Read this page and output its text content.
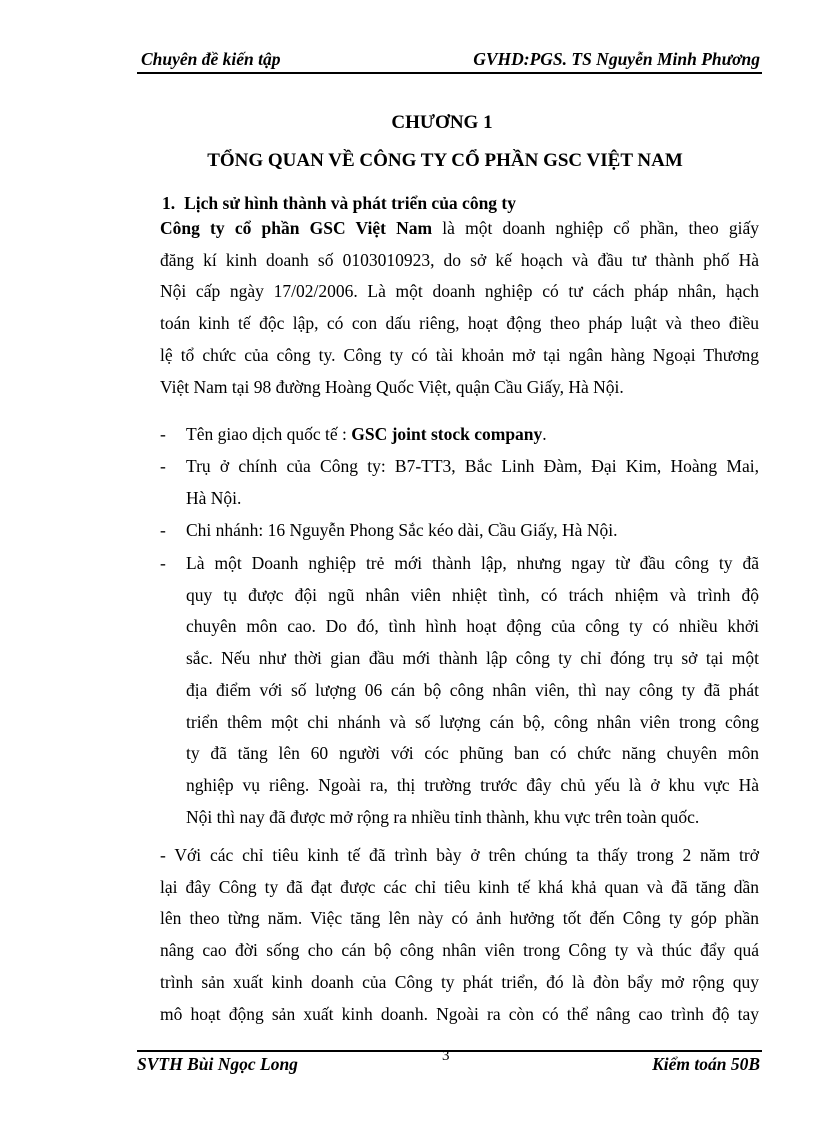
Chuyên đề kiến tập	GVHD:PGS. TS Nguyễn Minh Phương
CHƯƠNG 1
TỔNG QUAN VỀ CÔNG TY CỔ PHẦN GSC VIỆT NAM
1. Lịch sử hình thành và phát triển của công ty
Công ty cổ phần GSC Việt Nam là một doanh nghiệp cổ phần, theo giấy
đăng kí kinh doanh số 0103010923, do sở kế hoạch và đầu tư thành phố Hà
Nội cấp ngày 17/02/2006. Là một doanh nghiệp có tư cách pháp nhân, hạch
toán kinh tế độc lập, có con dấu riêng, hoạt động theo pháp luật và theo điều
lệ tổ chức của công ty. Công ty có tài khoản mở tại ngân hàng Ngoại Thương
Việt Nam tại 98 đường Hoàng Quốc Việt, quận Cầu Giấy, Hà Nội.
- Tên giao dịch quốc tế : GSC joint stock company.
- Trụ ở chính của Công ty: B7-TT3, Bắc Linh Đàm, Đại Kim, Hoàng Mai,
Hà Nội.
- Chi nhánh: 16 Nguyễn Phong Sắc kéo dài, Cầu Giấy, Hà Nội.
- Là một Doanh nghiệp trẻ mới thành lập, nhưng ngay từ đầu công ty đã
quy tụ được đội ngũ nhân viên nhiệt tình, có trách nhiệm và trình độ
chuyên môn cao. Do đó, tình hình hoạt động của công ty có nhiều khởi
sắc. Nếu như thời gian đầu mới thành lập công ty chỉ đóng trụ sở tại một
địa điểm với số lượng 06 cán bộ công nhân viên, thì nay công ty đã phát
triển thêm một chi nhánh và số lượng cán bộ, công nhân viên trong công
ty đã tăng lên 60 người với cóc phũng ban có chức năng chuyên môn
nghiệp vụ riêng. Ngoài ra, thị trường trước đây chủ yếu là ở khu vực Hà
Nội thì nay đã được mở rộng ra nhiều tỉnh thành, khu vực trên toàn quốc.
- Với các chỉ tiêu kinh tế đã trình bày ở trên chúng ta thấy trong 2 năm trở
lại đây Công ty đã đạt được các chỉ tiêu kinh tế khá khả quan và đã tăng dần
lên theo từng năm. Việc tăng lên này có ảnh hưởng tốt đến Công ty góp phần
nâng cao đời sống cho cán bộ công nhân viên trong Công ty và thúc đẩy quá
trình sản xuất kinh doanh của Công ty phát triển, đó là đòn bẩy mở rộng quy
mô hoạt động sản xuất kinh doanh. Ngoài ra còn có thể nâng cao trình độ tay
SVTH Bùi Ngọc Long	3	Kiểm toán 50B
